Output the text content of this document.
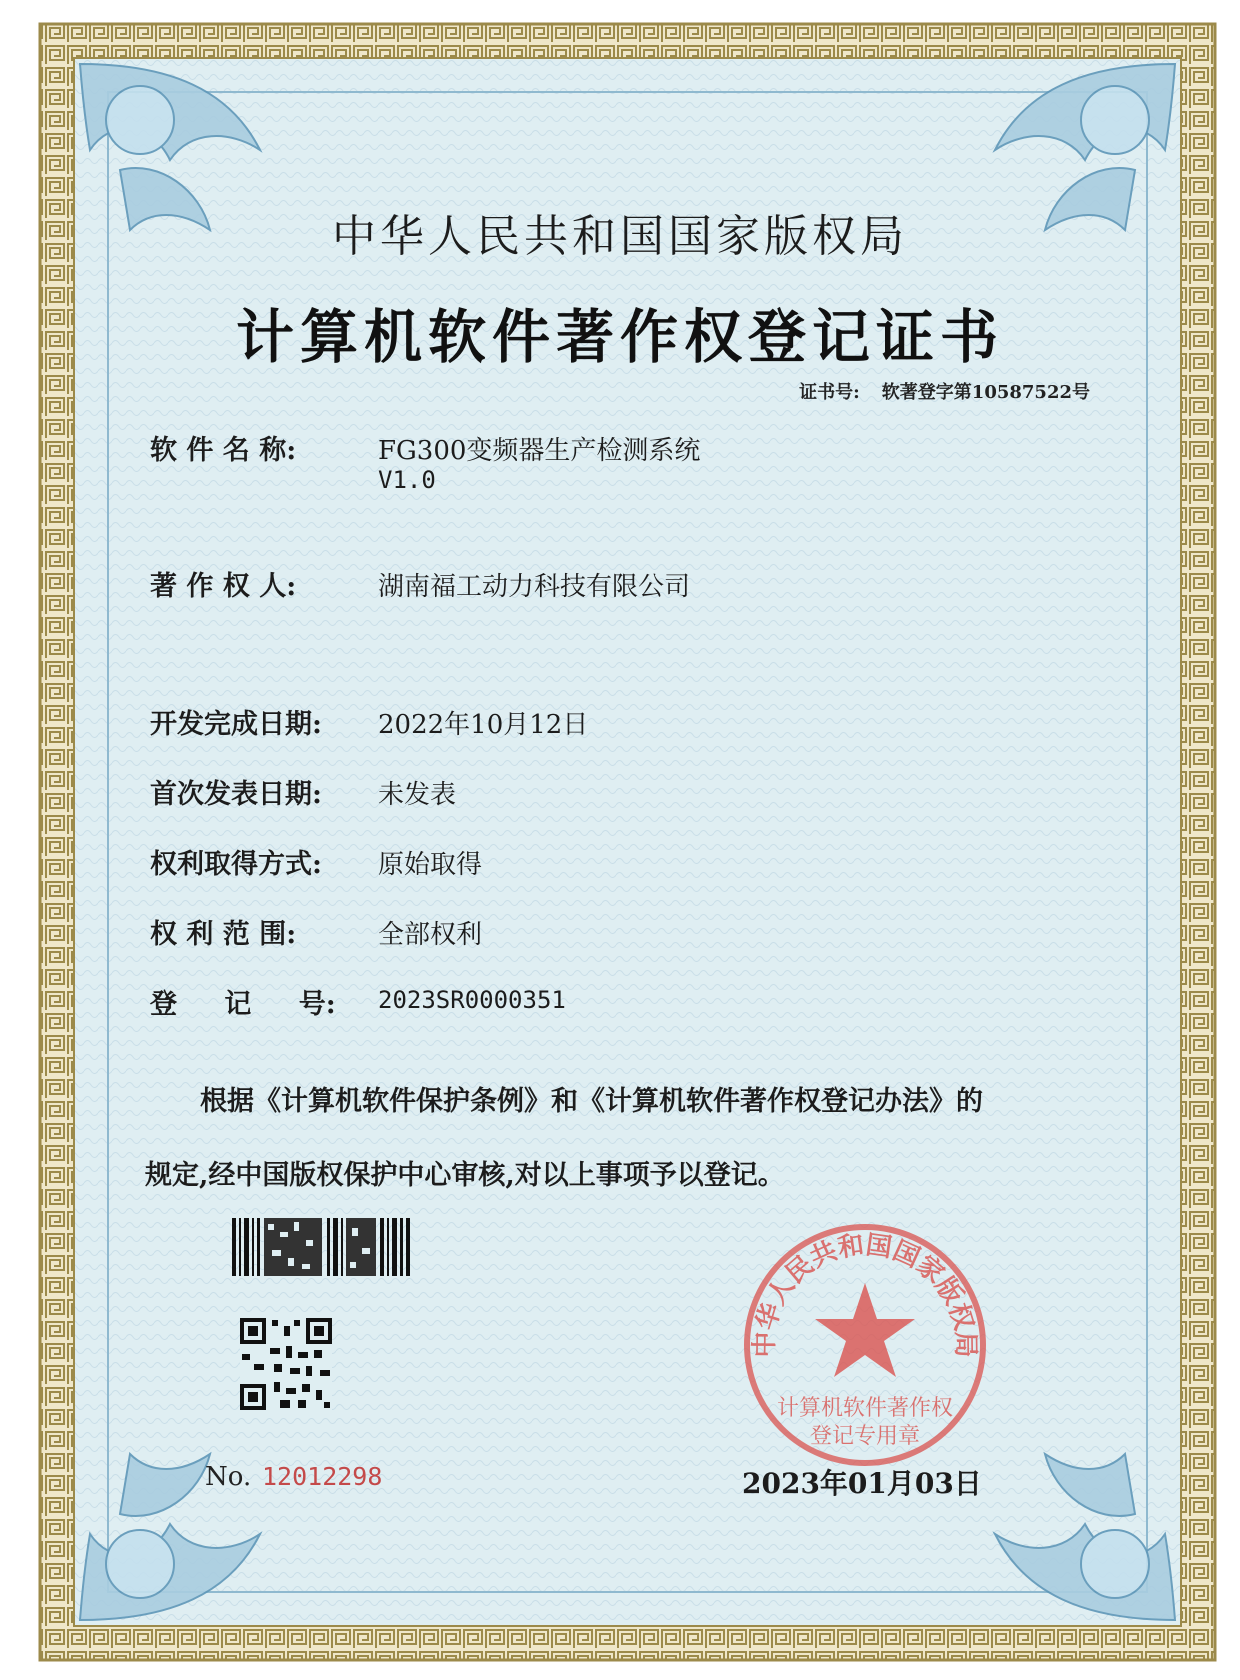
中华人民共和国国家版权局
计算机软件著作权登记证书
证书号: 软著登字第10587522号
软 件 名 称:	FG300变频器生产检测系统
V1.0
著 作 权 人:	湖南福工动力科技有限公司
开发完成日期:	2022年10月12日
首次发表日期:	未发表
权利取得方式:	原始取得
权 利 范 围:	全部权利
登 记 号:	2023SR0000351
根据《计算机软件保护条例》和《计算机软件著作权登记办法》的
规定,经中国版权保护中心审核,对以上事项予以登记。
中华人民共和国国家版权局
计算机软件著作权
登记专用章
No. 12012298	2023年01月03日
